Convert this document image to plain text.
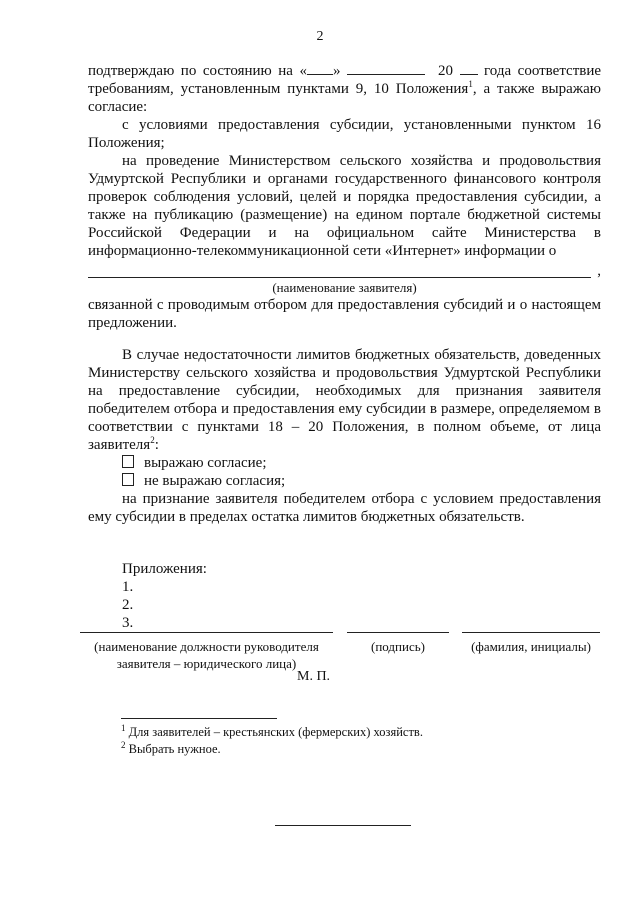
2

подтверждаю по состоянию на « »	20 года соответствие требованиям, установленным пунктами 9, 10 Положения$^1$, а также выражаю согласие:

с условиями предоставления субсидии, установленными пунктом 16 Положения;

на проведение Министерством сельского хозяйства и продовольствия Удмуртской Республики и органами государственного финансового контроля проверок соблюдения условий, целей и порядка предоставления субсидии, а также на публикацию (размещение) на едином портале бюджетной системы Российской Федерации и на официальном сайте Министерства в информационно-телекоммуникационной сети «Интернет» информации о

,

(наименование заявителя)

связанной с проводимым отбором для предоставления субсидий и о настоящем предложении.

В случае недостаточности лимитов бюджетных обязательств, доведенных Министерству сельского хозяйства и продовольствия Удмуртской Республики на предоставление субсидии, необходимых для признания заявителя победителем отбора и предоставления ему субсидии в размере, определяемом в соответствии с пунктами 18 – 20 Положения, в полном объеме, от лица заявителя$^2$:

выражаю согласие;

не выражаю согласия;

на признание заявителя победителем отбора с условием предоставления ему субсидии в пределах остатка лимитов бюджетных обязательств.

Приложения:

1.

2.

3.

(наименование должности руководителя
заявителя – юридического лица)
(подпись)	(фамилия, инициалы)
М. П.

$^1$ Для заявителей – крестьянских (фермерских) хозяйств.

$^2$ Выбрать нужное.
